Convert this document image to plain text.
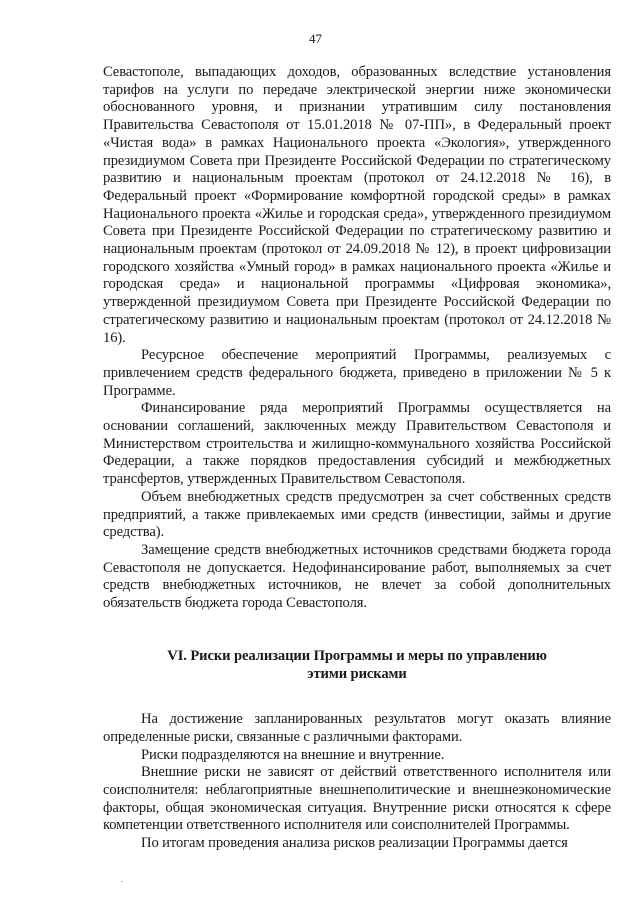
47

Севастополе, выпадающих доходов, образованных вследствие установления тарифов на услуги по передаче электрической энергии ниже экономически обоснованного уровня, и признании утратившим силу постановления Правительства Севастополя от 15.01.2018 № 07-ПП», в Федеральный проект «Чистая вода» в рамках Национального проекта «Экология», утвержденного президиумом Совета при Президенте Российской Федерации по стратегическому развитию и национальным проектам (протокол от 24.12.2018 № 16), в Федеральный проект «Формирование комфортной городской среды» в рамках Национального проекта «Жилье и городская среда», утвержденного президиумом Совета при Президенте Российской Федерации по стратегическому развитию и национальным проектам (протокол от 24.09.2018 № 12), в проект цифровизации городского хозяйства «Умный город» в рамках национального проекта «Жилье и городская среда» и национальной программы «Цифровая экономика», утвержденной президиумом Совета при Президенте Российской Федерации по стратегическому развитию и национальным проектам (протокол от 24.12.2018 № 16).

Ресурсное обеспечение мероприятий Программы, реализуемых с привлечением средств федерального бюджета, приведено в приложении № 5 к Программе.

Финансирование ряда мероприятий Программы осуществляется на основании соглашений, заключенных между Правительством Севастополя и Министерством строительства и жилищно-коммунального хозяйства Российской Федерации, а также порядков предоставления субсидий и межбюджетных трансфертов, утвержденных Правительством Севастополя.

Объем внебюджетных средств предусмотрен за счет собственных средств предприятий, а также привлекаемых ими средств (инвестиции, займы и другие средства).

Замещение средств внебюджетных источников средствами бюджета города Севастополя не допускается. Недофинансирование работ, выполняемых за счет средств внебюджетных источников, не влечет за собой дополнительных обязательств бюджета города Севастополя.

VI. Риски реализации Программы и меры по управлению
этими рисками

На достижение запланированных результатов могут оказать влияние определенные риски, связанные с различными факторами.

Риски подразделяются на внешние и внутренние.

Внешние риски не зависят от действий ответственного исполнителя или соисполнителя: неблагоприятные внешнеполитические и внешнеэкономические факторы, общая экономическая ситуация. Внутренние риски относятся к сфере компетенции ответственного исполнителя или соисполнителей Программы.

По итогам проведения анализа рисков реализации Программы дается

.
